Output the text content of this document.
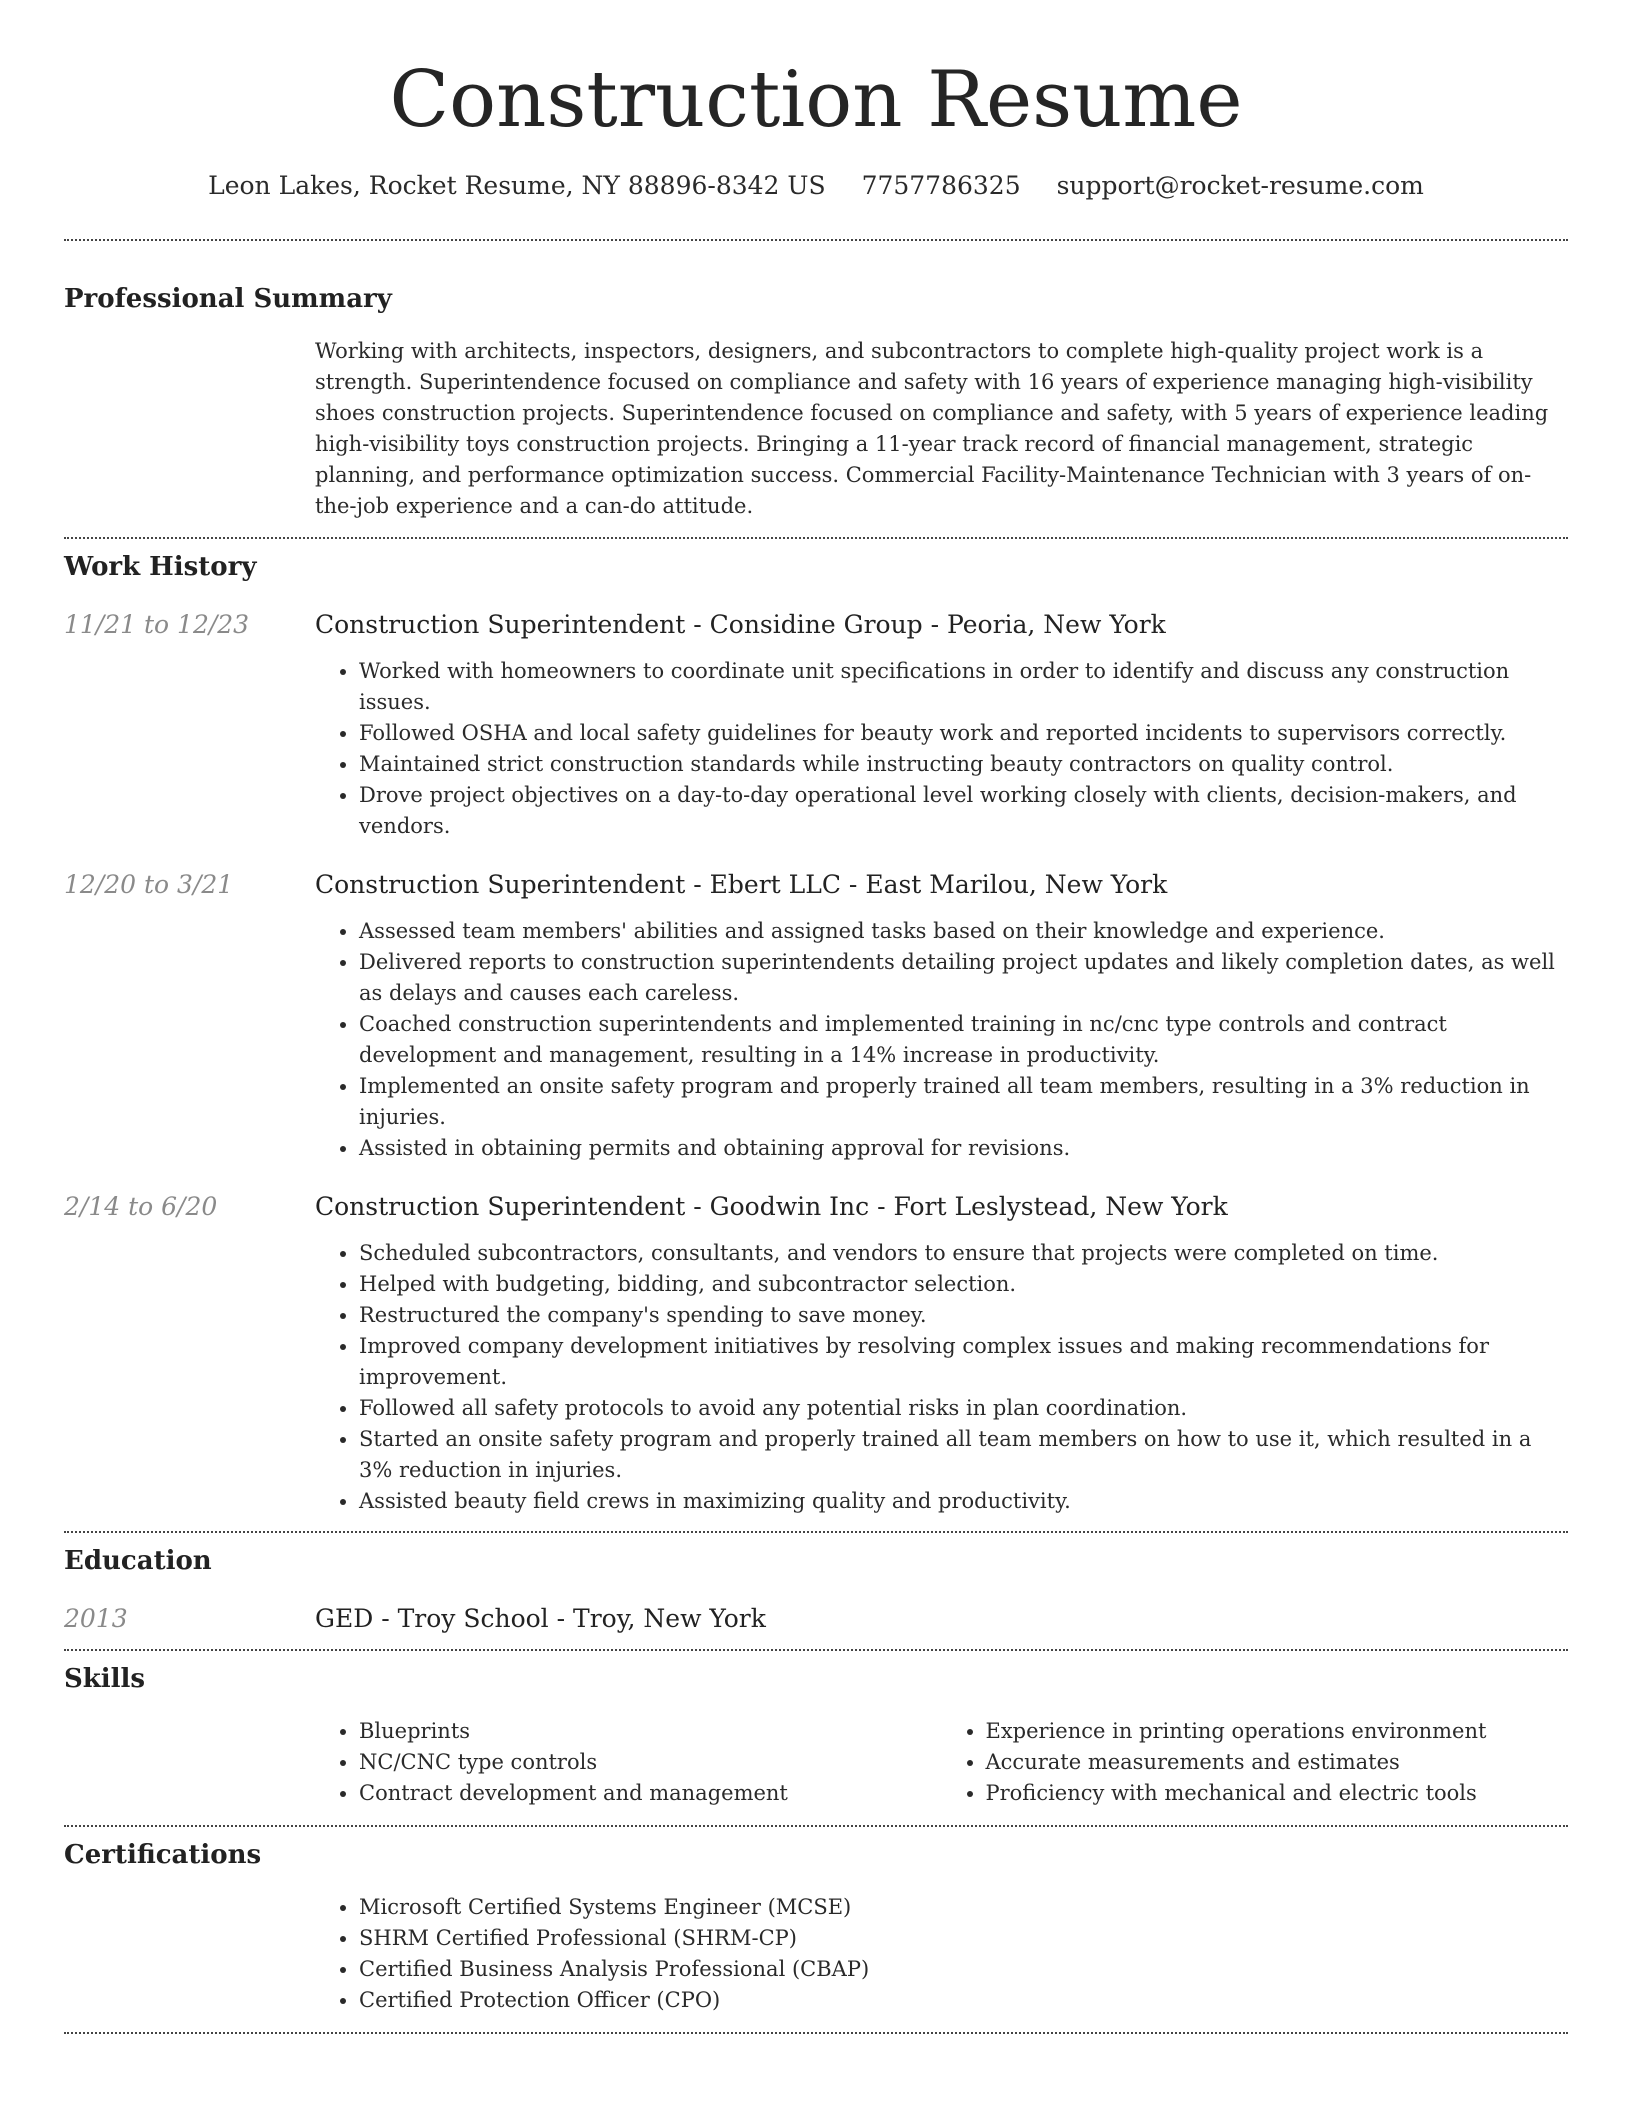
Construction Resume
Leon Lakes, Rocket Resume, NY 88896-8342 US 7757786325 support@rocket-resume.com
Professional Summary

Working with architects, inspectors, designers, and subcontractors to complete high-quality project work is a strength. Superintendence focused on compliance and safety with 16 years of experience managing high-visibility shoes construction projects. Superintendence focused on compliance and safety, with 5 years of experience leading high-visibility toys construction projects. Bringing a 11-year track record of financial management, strategic planning, and performance optimization success. Commercial Facility-Maintenance Technician with 3 years of on-the-job experience and a can-do attitude.

Work History
11/21 to 12/23	Construction Superintendent - Considine Group - Peoria, New York
• Worked with homeowners to coordinate unit specifications in order to identify and discuss any construction issues.
• Followed OSHA and local safety guidelines for beauty work and reported incidents to supervisors correctly.
• Maintained strict construction standards while instructing beauty contractors on quality control.
• Drove project objectives on a day-to-day operational level working closely with clients, decision-makers, and vendors.
12/20 to 3/21	Construction Superintendent - Ebert LLC - East Marilou, New York
• Assessed team members' abilities and assigned tasks based on their knowledge and experience.
• Delivered reports to construction superintendents detailing project updates and likely completion dates, as well as delays and causes each careless.
• Coached construction superintendents and implemented training in nc/cnc type controls and contract development and management, resulting in a 14% increase in productivity.
• Implemented an onsite safety program and properly trained all team members, resulting in a 3% reduction in injuries.
• Assisted in obtaining permits and obtaining approval for revisions.
2/14 to 6/20	Construction Superintendent - Goodwin Inc - Fort Leslystead, New York
• Scheduled subcontractors, consultants, and vendors to ensure that projects were completed on time.
• Helped with budgeting, bidding, and subcontractor selection.
• Restructured the company's spending to save money.
• Improved company development initiatives by resolving complex issues and making recommendations for improvement.
• Followed all safety protocols to avoid any potential risks in plan coordination.
• Started an onsite safety program and properly trained all team members on how to use it, which resulted in a 3% reduction in injuries.
• Assisted beauty field crews in maximizing quality and productivity.
Education
2013	GED - Troy School - Troy, New York
Skills
• Blueprints
• NC/CNC type controls
• Contract development and management
• Experience in printing operations environment
• Accurate measurements and estimates
• Proficiency with mechanical and electric tools
Certifications
• Microsoft Certified Systems Engineer (MCSE)
• SHRM Certified Professional (SHRM-CP)
• Certified Business Analysis Professional (CBAP)
• Certified Protection Officer (CPO)
